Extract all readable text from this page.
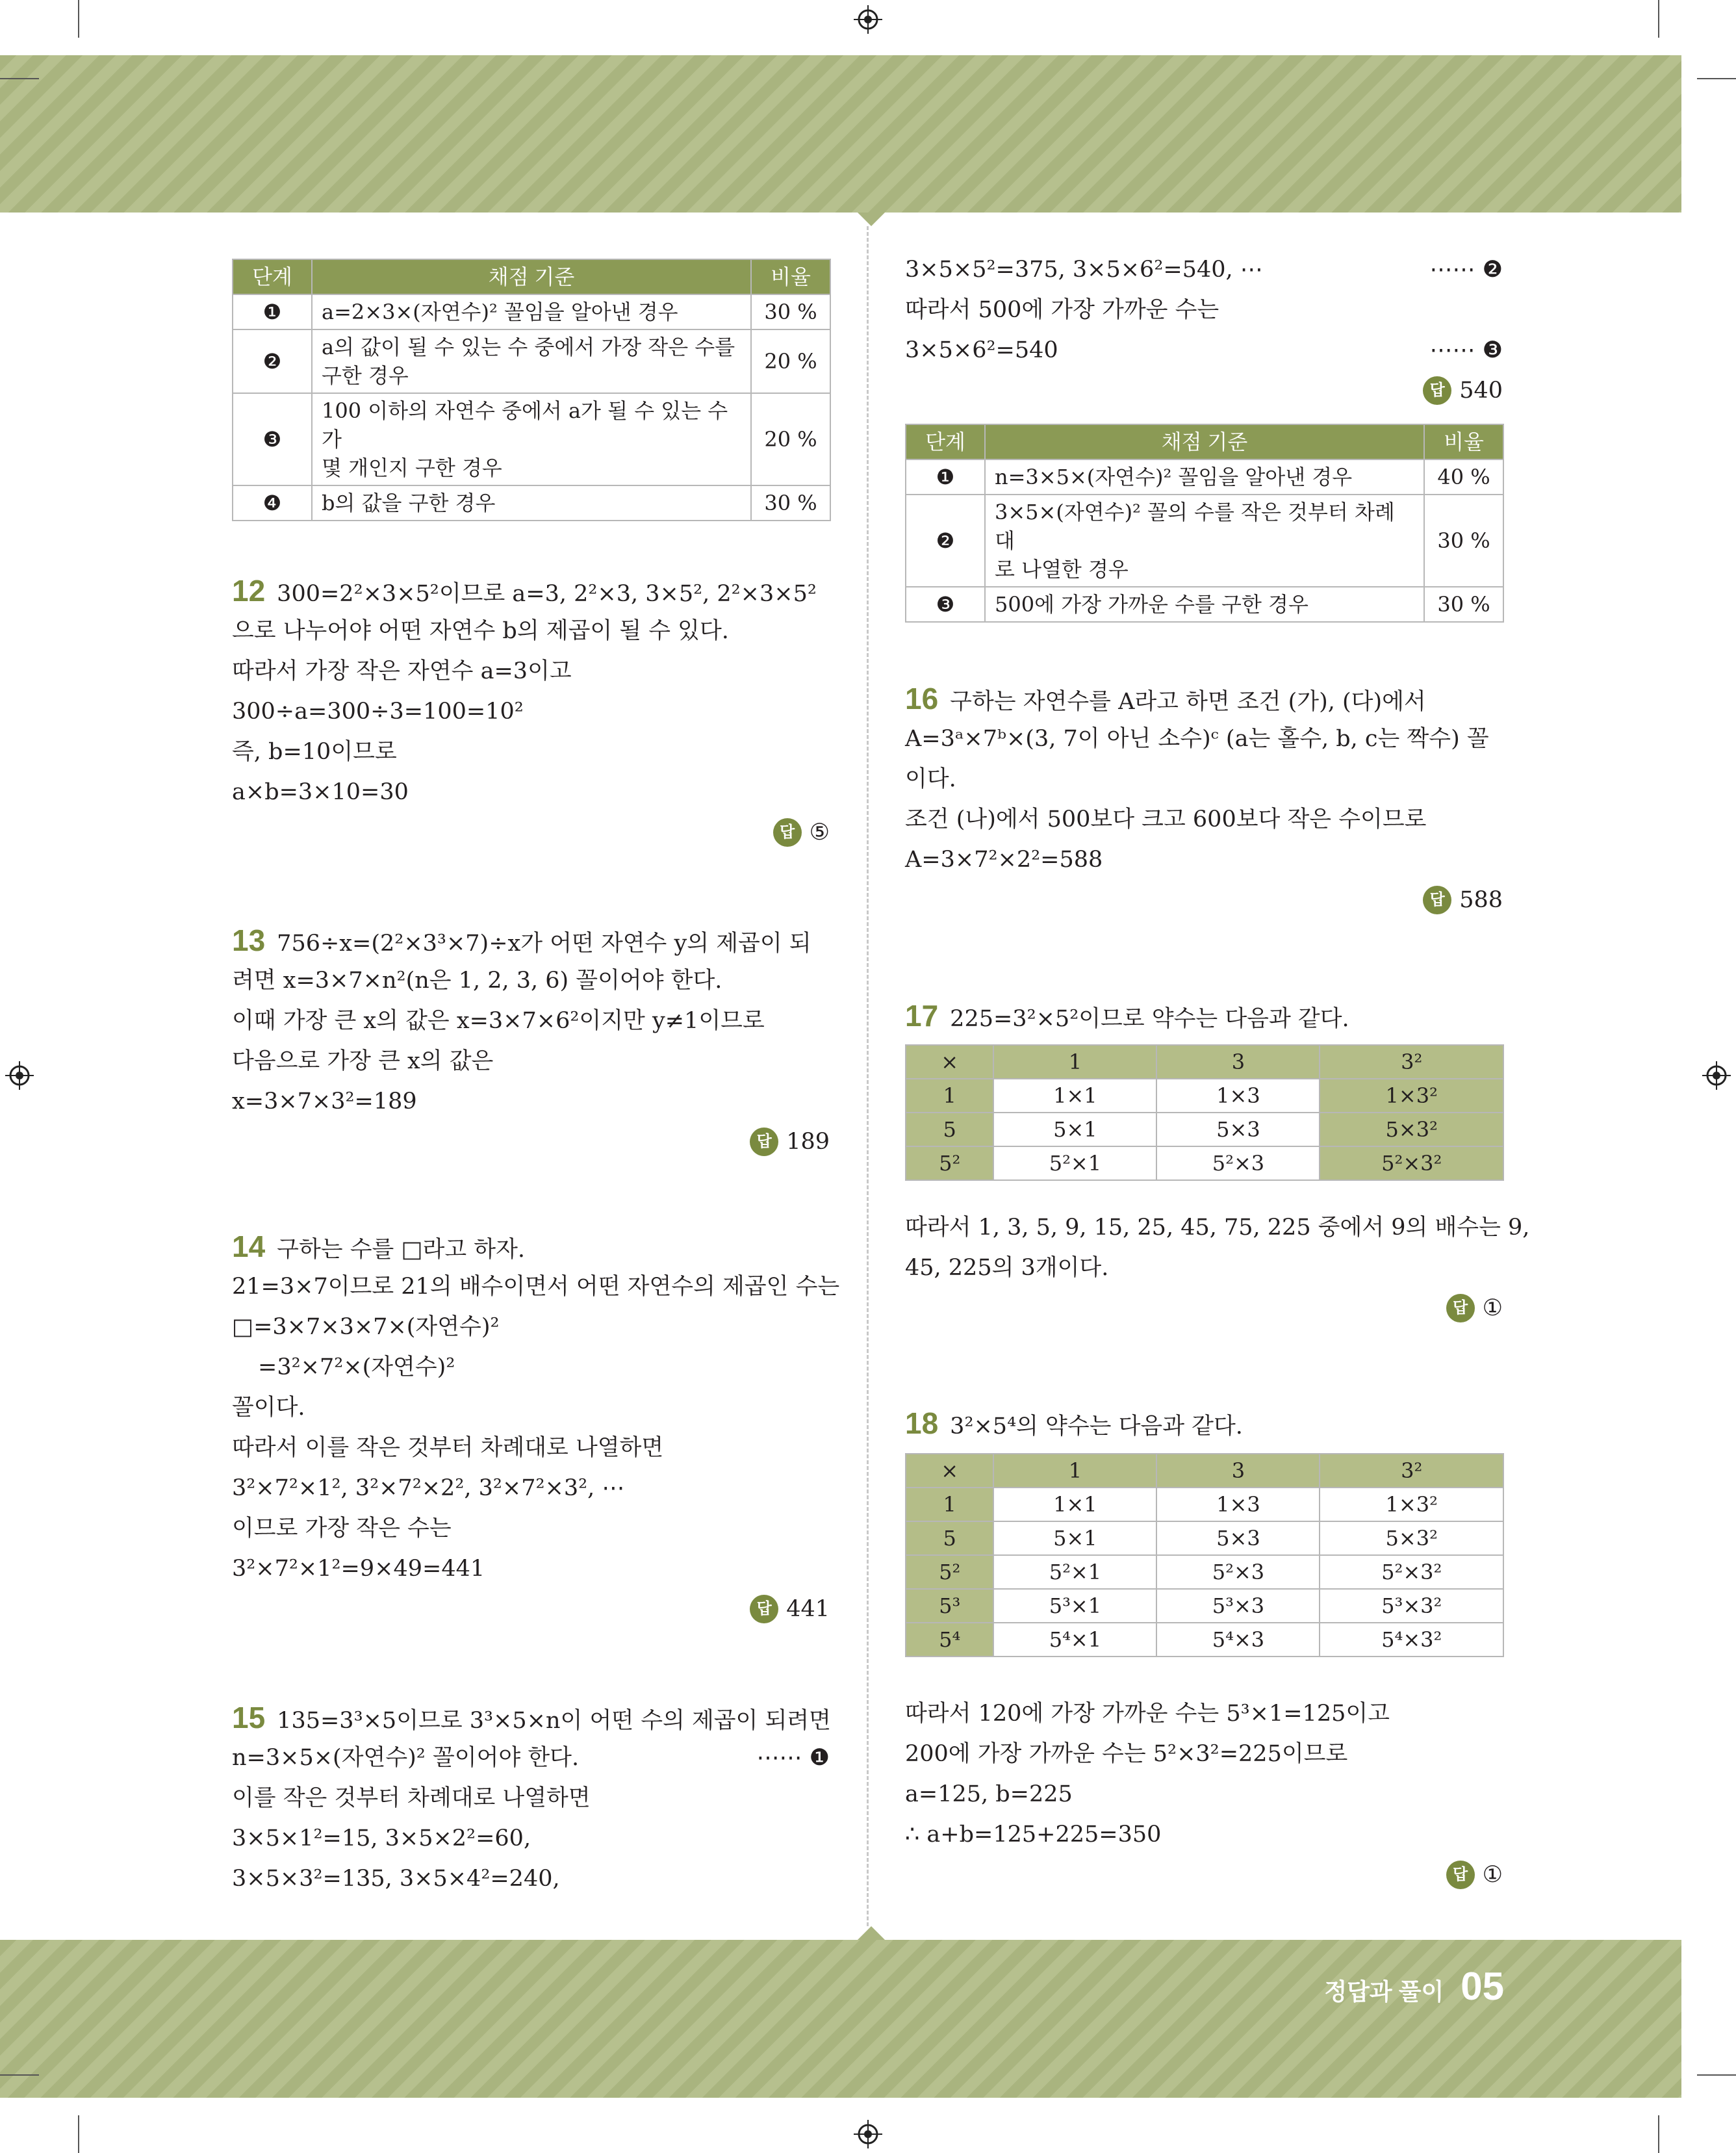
단계	채점 기준	비율
❶	a=2×3×(자연수)² 꼴임을 알아낸 경우	30 %
❷	a의 값이 될 수 있는 수 중에서 가장 작은 수를
구한 경우	20 %
❸	100 이하의 자연수 중에서 a가 될 수 있는 수가
몇 개인지 구한 경우	20 %
❹	b의 값을 구한 경우	30 %
12 300=2²×3×5²이므로 a=3, 2²×3, 3×5², 2²×3×5²
으로 나누어야 어떤 자연수 b의 제곱이 될 수 있다.
따라서 가장 작은 자연수 a=3이고
300÷a=300÷3=100=10²
즉, b=10이므로
a×b=3×10=30
답 ⑤
13 756÷x=(2²×3³×7)÷x가 어떤 자연수 y의 제곱이 되
려면 x=3×7×n²(n은 1, 2, 3, 6) 꼴이어야 한다.
이때 가장 큰 x의 값은 x=3×7×6²이지만 y≠1이므로
다음으로 가장 큰 x의 값은
x=3×7×3²=189
답 189
14 구하는 수를 □라고 하자.
21=3×7이므로 21의 배수이면서 어떤 자연수의 제곱인 수는
□=3×7×3×7×(자연수)²
=3²×7²×(자연수)²
꼴이다.
따라서 이를 작은 것부터 차례대로 나열하면
3²×7²×1², 3²×7²×2², 3²×7²×3², ⋯
이므로 가장 작은 수는
3²×7²×1²=9×49=441
답 441
15 135=3³×5이므로 3³×5×n이 어떤 수의 제곱이 되려면
n=3×5×(자연수)² 꼴이어야 한다.	⋯⋯ ❶
이를 작은 것부터 차례대로 나열하면
3×5×1²=15, 3×5×2²=60,
3×5×3²=135, 3×5×4²=240,
3×5×5²=375, 3×5×6²=540, ⋯	⋯⋯ ❷
따라서 500에 가장 가까운 수는
3×5×6²=540	⋯⋯ ❸
답 540
단계	채점 기준	비율
❶	n=3×5×(자연수)² 꼴임을 알아낸 경우	40 %
❷	3×5×(자연수)² 꼴의 수를 작은 것부터 차례대
로 나열한 경우	30 %
❸	500에 가장 가까운 수를 구한 경우	30 %
16 구하는 자연수를 A라고 하면 조건 (가), (다)에서
A=3ᵃ×7ᵇ×(3, 7이 아닌 소수)ᶜ (a는 홀수, b, c는 짝수) 꼴
이다.
조건 (나)에서 500보다 크고 600보다 작은 수이므로
A=3×7²×2²=588
답 588
17 225=3²×5²이므로 약수는 다음과 같다.
×	1	3	3²
1	1×1	1×3	1×3²
5	5×1	5×3	5×3²
5²	5²×1	5²×3	5²×3²
따라서 1, 3, 5, 9, 15, 25, 45, 75, 225 중에서 9의 배수는 9,
45, 225의 3개이다.
답 ①
18 3²×5⁴의 약수는 다음과 같다.
×	1	3	3²
1	1×1	1×3	1×3²
5	5×1	5×3	5×3²
5²	5²×1	5²×3	5²×3²
5³	5³×1	5³×3	5³×3²
5⁴	5⁴×1	5⁴×3	5⁴×3²
따라서 120에 가장 가까운 수는 5³×1=125이고
200에 가장 가까운 수는 5²×3²=225이므로
a=125, b=225
∴ a+b=125+225=350
답 ①
정답과 풀이 05
